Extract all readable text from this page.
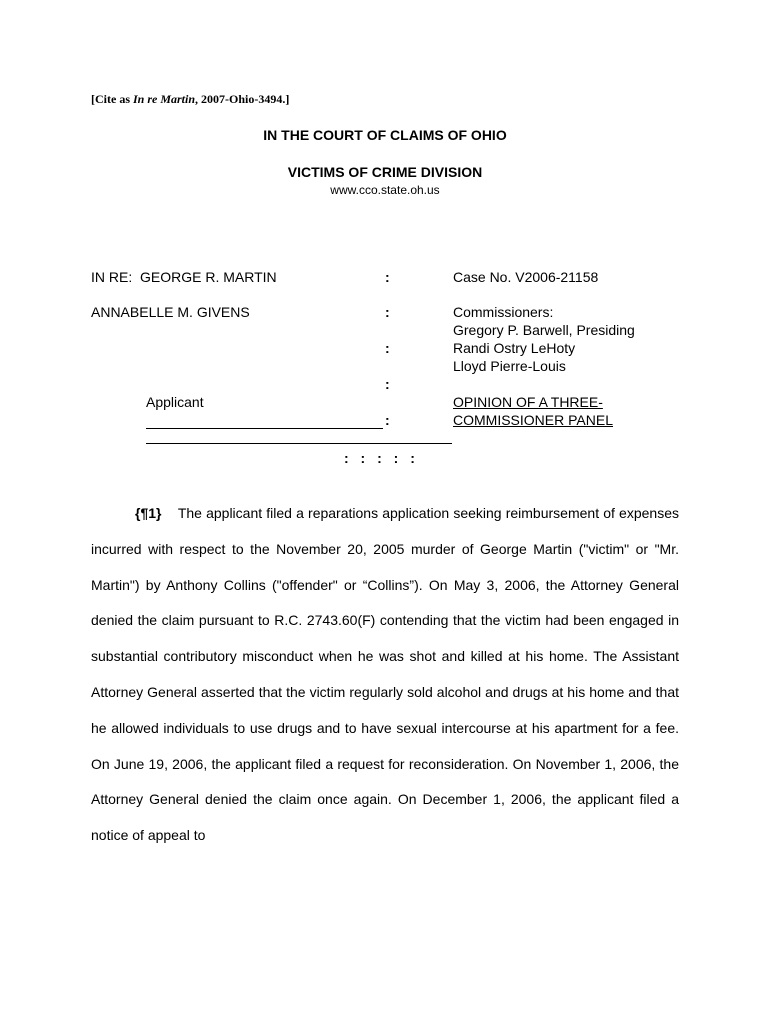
[Cite as In re Martin, 2007-Ohio-3494.]
IN THE COURT OF CLAIMS OF OHIO
VICTIMS OF CRIME DIVISION
www.cco.state.oh.us
IN RE:  GEORGE R. MARTIN
ANNABELLE M. GIVENS
Applicant
:
:
:
:
:
Case No. V2006-21158
Commissioners:
Gregory P. Barwell, Presiding
Randi Ostry LeHoty
Lloyd Pierre-Louis
OPINION OF A THREE-
COMMISSIONER PANEL
: : : : :
{¶1} The applicant filed a reparations application seeking reimbursement of expenses incurred with respect to the November 20, 2005 murder of George Martin ("victim" or "Mr. Martin") by Anthony Collins ("offender" or “Collins”). On May 3, 2006, the Attorney General denied the claim pursuant to R.C. 2743.60(F) contending that the victim had been engaged in substantial contributory misconduct when he was shot and killed at his home. The Assistant Attorney General asserted that the victim regularly sold alcohol and drugs at his home and that he allowed individuals to use drugs and to have sexual intercourse at his apartment for a fee. On June 19, 2006, the applicant filed a request for reconsideration. On November 1, 2006, the Attorney General denied the claim once again. On December 1, 2006, the applicant filed a notice of appeal to
